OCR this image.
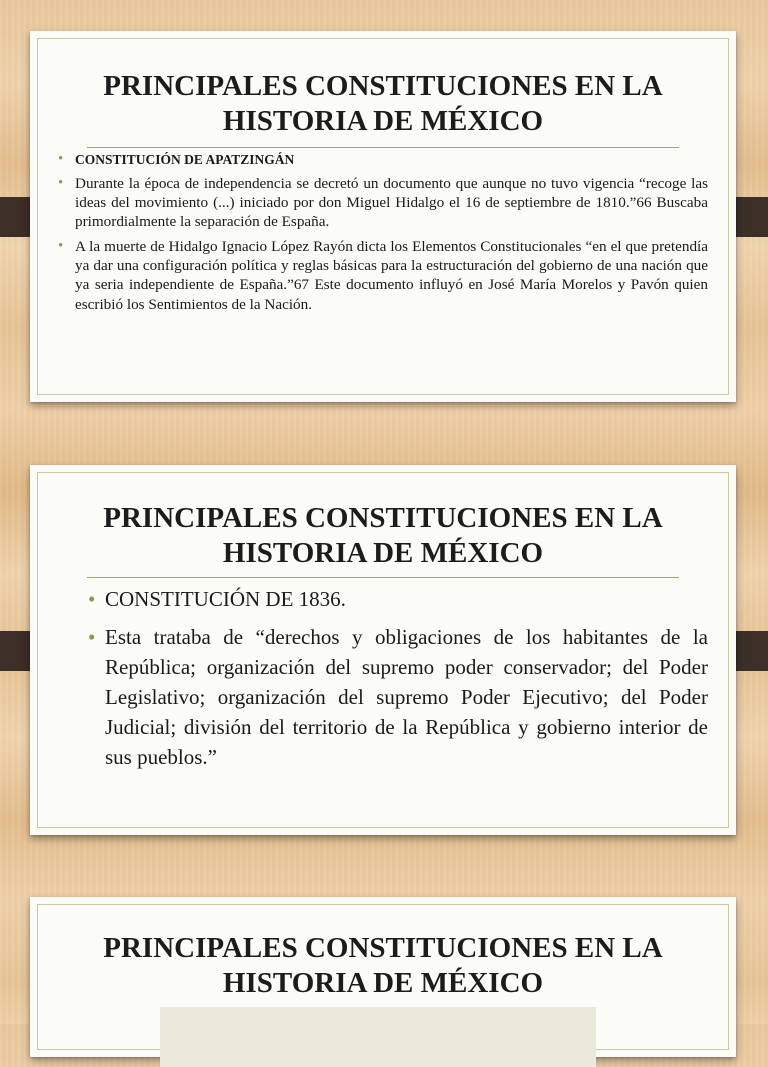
PRINCIPALES CONSTITUCIONES EN LA
HISTORIA DE MÉXICO
• CONSTITUCIÓN DE APATZINGÁN
• Durante la época de independencia se decretó un documento que aunque no tuvo vigencia “recoge las ideas del movimiento (...) iniciado por don Miguel Hidalgo el 16 de septiembre de 1810.”66 Buscaba primordialmente la separación de España.
• A la muerte de Hidalgo Ignacio López Rayón dicta los Elementos Constitucionales “en el que pretendía ya dar una configuración política y reglas básicas para la estructuración del gobierno de una nación que ya seria independiente de España.”67 Este documento influyó en José María Morelos y Pavón quien escribió los Sentimientos de la Nación.
PRINCIPALES CONSTITUCIONES EN LA
HISTORIA DE MÉXICO
• CONSTITUCIÓN DE 1836.
• Esta trataba de “derechos y obligaciones de los habitantes de la República; organización del supremo poder conservador; del Poder Legislativo; organización del supremo Poder Ejecutivo; del Poder Judicial; división del territorio de la República y gobierno interior de sus pueblos.”
PRINCIPALES CONSTITUCIONES EN LA
HISTORIA DE MÉXICO
